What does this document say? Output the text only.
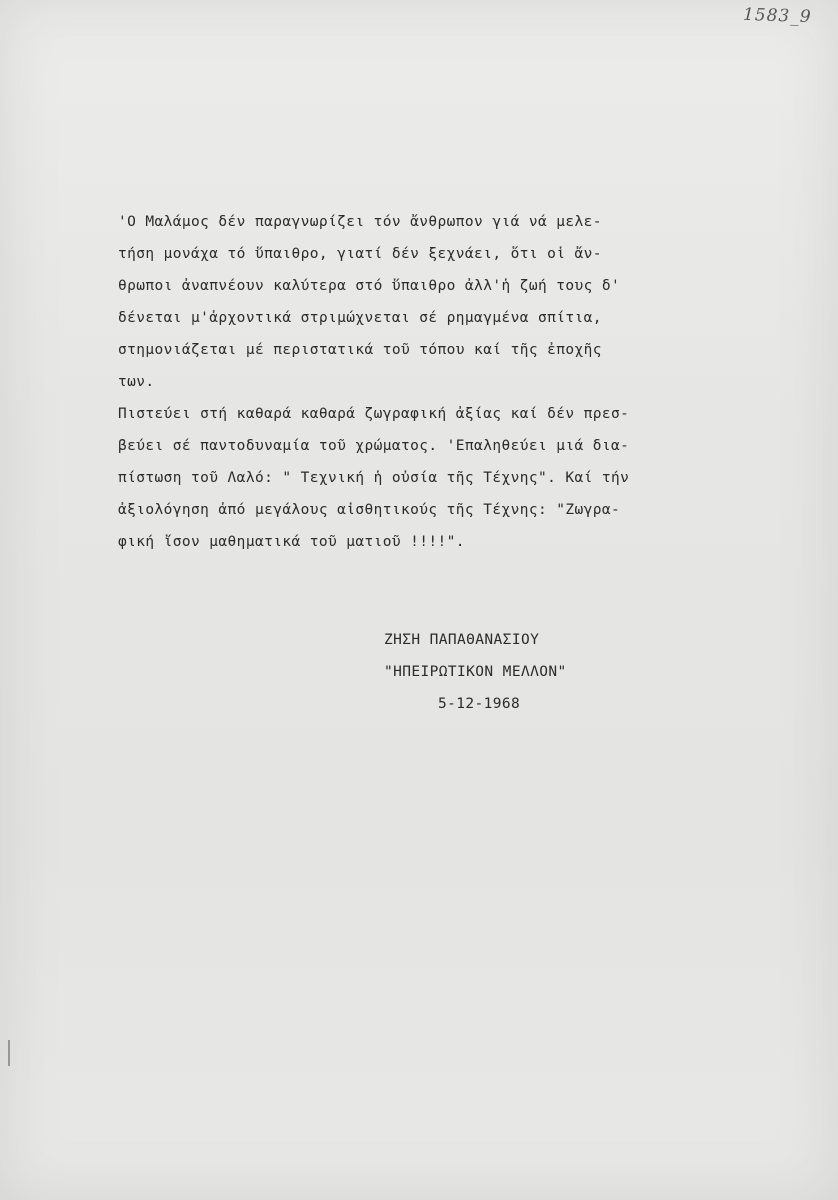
1583_9
'Ο Μαλάμος δέν παραγνωρίζει τόν ἄνθρωπον γιά νά μελε-
τήση μονάχα τό ὕπαιθρο, γιατί δέν ξεχνάει, ὅτι οἱ ἄν-
θρωποι ἀναπνέουν καλύτερα στό ὕπαιθρο ἀλλ'ἡ ζωή τους δ'
δένεται μ'ἀρχοντικά στριμώχνεται σέ ρημαγμένα σπίτια,
στημονιάζεται μέ περιστατικά τοῦ τόπου καί τῆς ἐποχῆς
των.
Πιστεύει στή καθαρά καθαρά ζωγραφική ἀξίας καί δέν πρεσ-
βεύει σέ παντοδυναμία τοῦ χρώματος. 'Επαληθεύει μιά δια-
πίστωση τοῦ Λαλό: " Τεχνική ἡ οὐσία τῆς Τέχνης". Καί τήν
ἀξιολόγηση ἀπό μεγάλους αἰσθητικούς τῆς Τέχνης: "Ζωγρα-
φική ἴσον μαθηματικά τοῦ ματιοῦ !!!!".
ΖΗΣΗ ΠΑΠΑΘΑΝΑΣΙΟΥ
"ΗΠΕΙΡΩΤΙΚΟΝ ΜΕΛΛΟΝ"
5-12-1968
